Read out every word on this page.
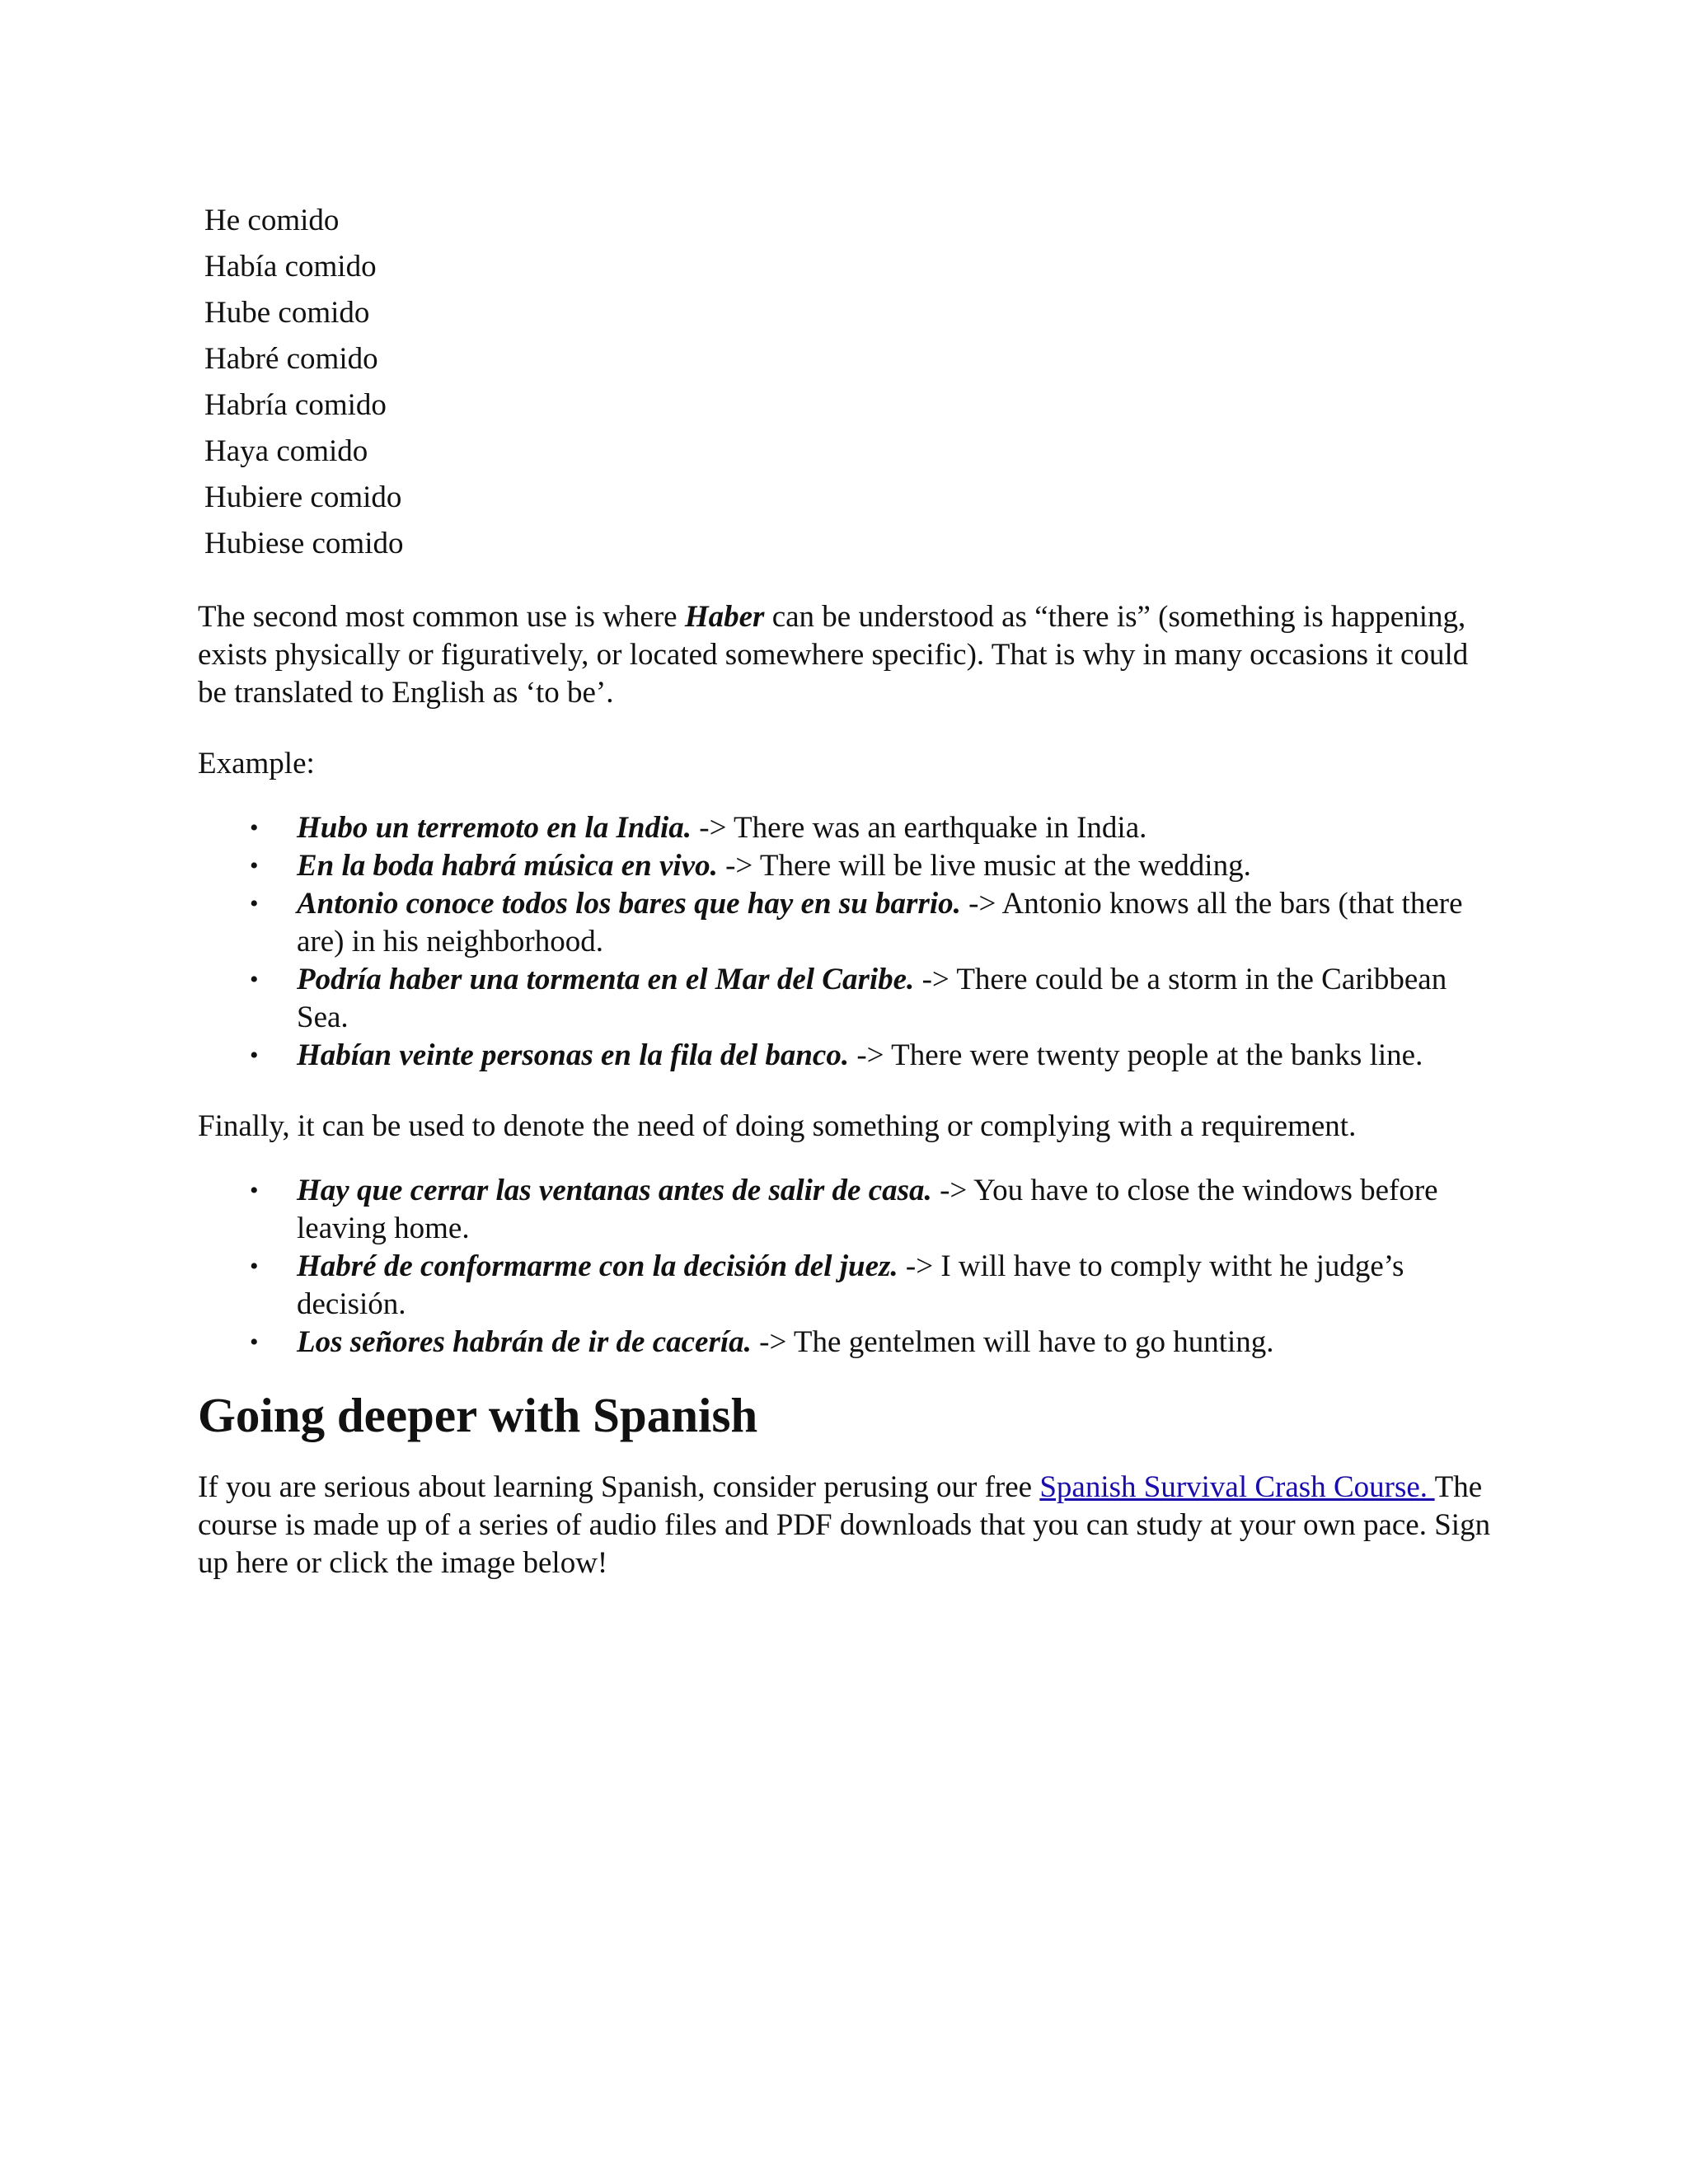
He comido
Había comido
Hube comido
Habré comido
Habría comido
Haya comido
Hubiere comido
Hubiese comido

The second most common use is where Haber can be understood as “there is” (something is happening, exists physically or figuratively, or located somewhere specific). That is why in many occasions it could be translated to English as ‘to be’.

Example:

• Hubo un terremoto en la India. -> There was an earthquake in India.
• En la boda habrá música en vivo. -> There will be live music at the wedding.
• Antonio conoce todos los bares que hay en su barrio. -> Antonio knows all the bars (that there are) in his neighborhood.
• Podría haber una tormenta en el Mar del Caribe. -> There could be a storm in the Caribbean Sea.
• Habían veinte personas en la fila del banco. -> There were twenty people at the banks line.

Finally, it can be used to denote the need of doing something or complying with a requirement.

• Hay que cerrar las ventanas antes de salir de casa. -> You have to close the windows before leaving home.
• Habré de conformarme con la decisión del juez. -> I will have to comply witht he judge’s decisión.
• Los señores habrán de ir de cacería. -> The gentelmen will have to go hunting.
Going deeper with Spanish

If you are serious about learning Spanish, consider perusing our free Spanish Survival Crash Course. The course is made up of a series of audio files and PDF downloads that you can study at your own pace. Sign up here or click the image below!
